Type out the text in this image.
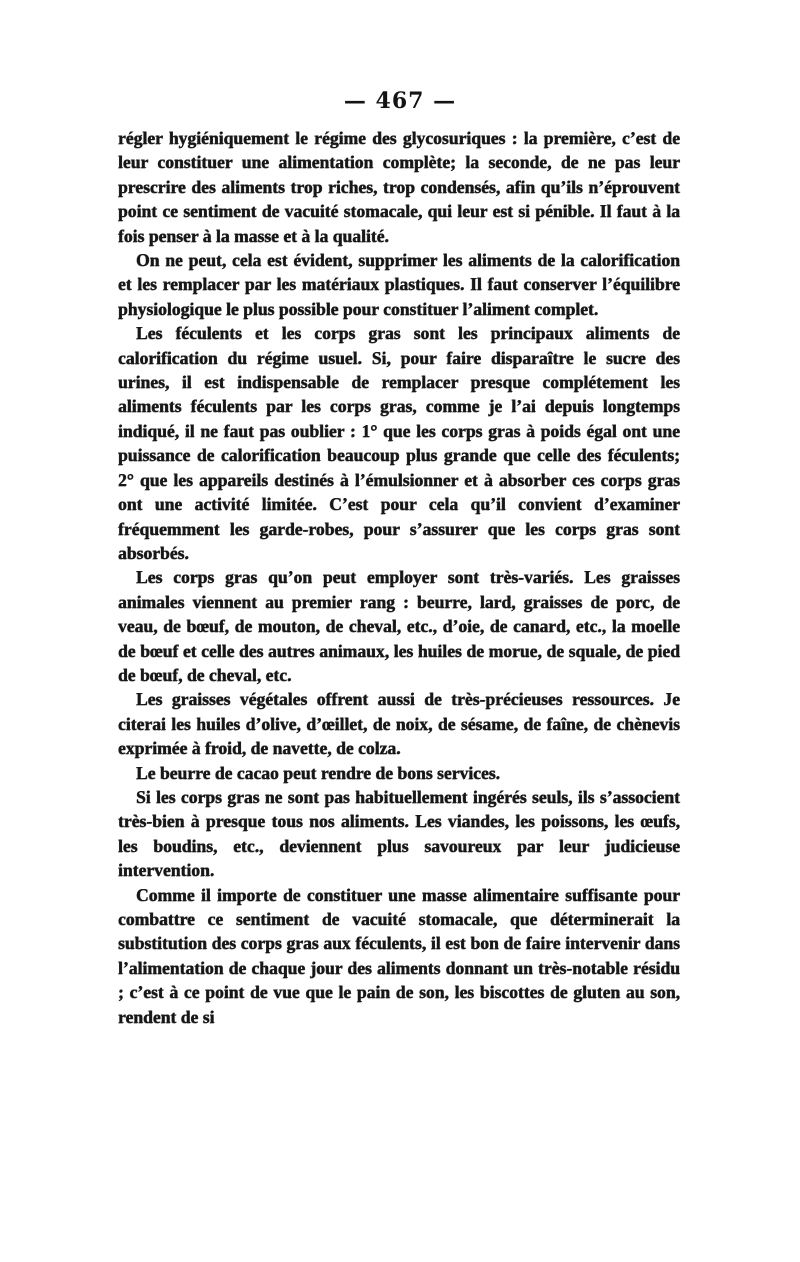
— 467 —

régler hygiéniquement le régime des glycosuriques : la première, c’est de leur constituer une alimentation complète; la seconde, de ne pas leur prescrire des aliments trop riches, trop condensés, afin qu’ils n’éprouvent point ce sentiment de vacuité stomacale, qui leur est si pénible. Il faut à la fois penser à la masse et à la qualité.

On ne peut, cela est évident, supprimer les aliments de la calorification et les remplacer par les matériaux plastiques. Il faut conserver l’équilibre physiologique le plus possible pour constituer l’aliment complet.

Les féculents et les corps gras sont les principaux aliments de calorification du régime usuel. Si, pour faire disparaître le sucre des urines, il est indispensable de remplacer presque complétement les aliments féculents par les corps gras, comme je l’ai depuis longtemps indiqué, il ne faut pas oublier : 1° que les corps gras à poids égal ont une puissance de calorification beaucoup plus grande que celle des féculents; 2° que les appareils destinés à l’émulsionner et à absorber ces corps gras ont une activité limitée. C’est pour cela qu’il convient d’examiner fréquemment les garde-robes, pour s’assurer que les corps gras sont absorbés.

Les corps gras qu’on peut employer sont très-variés. Les graisses animales viennent au premier rang : beurre, lard, graisses de porc, de veau, de bœuf, de mouton, de cheval, etc., d’oie, de canard, etc., la moelle de bœuf et celle des autres animaux, les huiles de morue, de squale, de pied de bœuf, de cheval, etc.

Les graisses végétales offrent aussi de très-précieuses ressources. Je citerai les huiles d’olive, d’œillet, de noix, de sésame, de faîne, de chènevis exprimée à froid, de navette, de colza.

Le beurre de cacao peut rendre de bons services.

Si les corps gras ne sont pas habituellement ingérés seuls, ils s’associent très-bien à presque tous nos aliments. Les viandes, les poissons, les œufs, les boudins, etc., deviennent plus savoureux par leur judicieuse intervention.

Comme il importe de constituer une masse alimentaire suffisante pour combattre ce sentiment de vacuité stomacale, que déterminerait la substitution des corps gras aux féculents, il est bon de faire intervenir dans l’alimentation de chaque jour des aliments donnant un très-notable résidu ; c’est à ce point de vue que le pain de son, les biscottes de gluten au son, rendent de si
